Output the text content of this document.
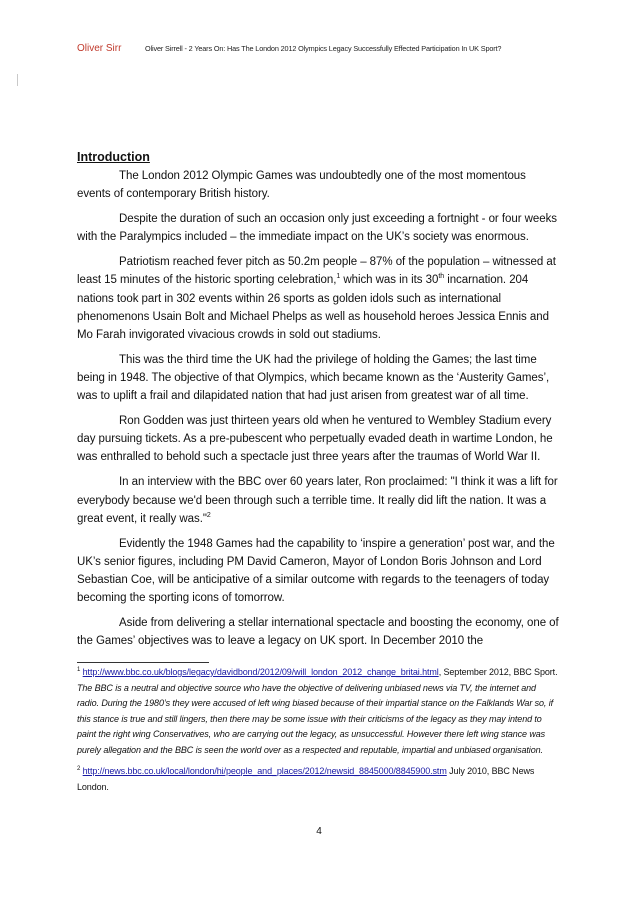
Oliver Sirr	Oliver Sirrell - 2 Years On: Has The London 2012 Olympics Legacy Successfully Effected Participation In UK Sport?
Introduction

The London 2012 Olympic Games was undoubtedly one of the most momentous events of contemporary British history.

Despite the duration of such an occasion only just exceeding a fortnight - or four weeks with the Paralympics included – the immediate impact on the UK’s society was enormous.

Patriotism reached fever pitch as 50.2m people – 87% of the population – witnessed at least 15 minutes of the historic sporting celebration,$^1$ which was in its 30th incarnation. 204 nations took part in 302 events within 26 sports as golden idols such as international phenomenons Usain Bolt and Michael Phelps as well as household heroes Jessica Ennis and Mo Farah invigorated vivacious crowds in sold out stadiums.

This was the third time the UK had the privilege of holding the Games; the last time being in 1948. The objective of that Olympics, which became known as the ‘Austerity Games’, was to uplift a frail and dilapidated nation that had just arisen from greatest war of all time.

Ron Godden was just thirteen years old when he ventured to Wembley Stadium every day pursuing tickets. As a pre-pubescent who perpetually evaded death in wartime London, he was enthralled to behold such a spectacle just three years after the traumas of World War II.

In an interview with the BBC over 60 years later, Ron proclaimed: "I think it was a lift for everybody because we'd been through such a terrible time. It really did lift the nation. It was a great event, it really was."$^2$

Evidently the 1948 Games had the capability to ‘inspire a generation’ post war, and the UK’s senior figures, including PM David Cameron, Mayor of London Boris Johnson and Lord Sebastian Coe, will be anticipative of a similar outcome with regards to the teenagers of today becoming the sporting icons of tomorrow.

Aside from delivering a stellar international spectacle and boosting the economy, one of the Games’ objectives was to leave a legacy on UK sport. In December 2010 the

$^1$ http://www.bbc.co.uk/blogs/legacy/davidbond/2012/09/will_london_2012_change_britai.html, September 2012, BBC Sport. The BBC is a neutral and objective source who have the objective of delivering unbiased news via TV, the internet and radio. During the 1980’s they were accused of left wing biased because of their impartial stance on the Falklands War so, if this stance is true and still lingers, then there may be some issue with their criticisms of the legacy as they may intend to paint the right wing Conservatives, who are carrying out the legacy, as unsuccessful. However there left wing stance was purely allegation and the BBC is seen the world over as a respected and reputable, impartial and unbiased organisation.

$^2$ http://news.bbc.co.uk/local/london/hi/people_and_places/2012/newsid_8845000/8845900.stm July 2010, BBC News London.

4
